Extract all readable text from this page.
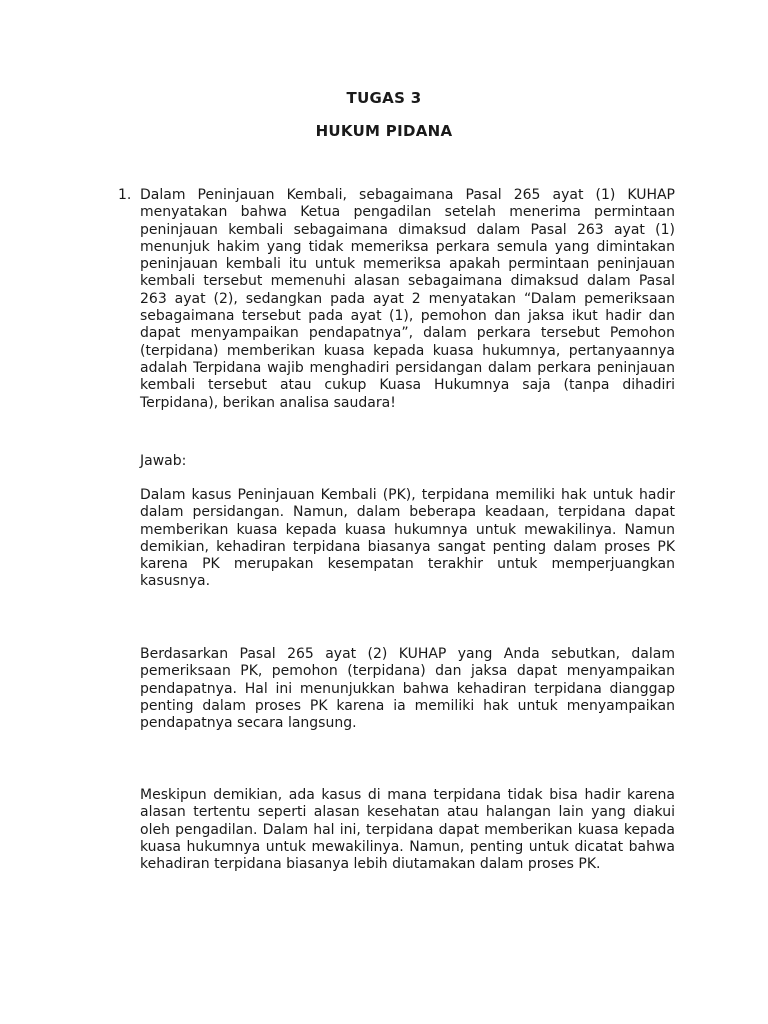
TUGAS 3
HUKUM PIDANA
1. Dalam Peninjauan Kembali, sebagaimana Pasal 265 ayat (1) KUHAP menyatakan bahwa Ketua pengadilan setelah menerima permintaan peninjauan kembali sebagaimana dimaksud dalam Pasal 263 ayat (1) menunjuk hakim yang tidak memeriksa perkara semula yang dimintakan peninjauan kembali itu untuk memeriksa apakah permintaan peninjauan kembali tersebut memenuhi alasan sebagaimana dimaksud dalam Pasal 263 ayat (2), sedangkan pada ayat 2 menyatakan “Dalam pemeriksaan sebagaimana tersebut pada ayat (1), pemohon dan jaksa ikut hadir dan dapat menyampaikan pendapatnya”, dalam perkara tersebut Pemohon (terpidana) memberikan kuasa kepada kuasa hukumnya, pertanyaannya adalah Terpidana wajib menghadiri persidangan dalam perkara peninjauan kembali tersebut atau cukup Kuasa Hukumnya saja (tanpa dihadiri Terpidana), berikan analisa saudara!

Jawab:

Dalam kasus Peninjauan Kembali (PK), terpidana memiliki hak untuk hadir dalam persidangan. Namun, dalam beberapa keadaan, terpidana dapat memberikan kuasa kepada kuasa hukumnya untuk mewakilinya. Namun demikian, kehadiran terpidana biasanya sangat penting dalam proses PK karena PK merupakan kesempatan terakhir untuk memperjuangkan kasusnya.

Berdasarkan Pasal 265 ayat (2) KUHAP yang Anda sebutkan, dalam pemeriksaan PK, pemohon (terpidana) dan jaksa dapat menyampaikan pendapatnya. Hal ini menunjukkan bahwa kehadiran terpidana dianggap penting dalam proses PK karena ia memiliki hak untuk menyampaikan pendapatnya secara langsung.

Meskipun demikian, ada kasus di mana terpidana tidak bisa hadir karena alasan tertentu seperti alasan kesehatan atau halangan lain yang diakui oleh pengadilan. Dalam hal ini, terpidana dapat memberikan kuasa kepada kuasa hukumnya untuk mewakilinya. Namun, penting untuk dicatat bahwa kehadiran terpidana biasanya lebih diutamakan dalam proses PK.
